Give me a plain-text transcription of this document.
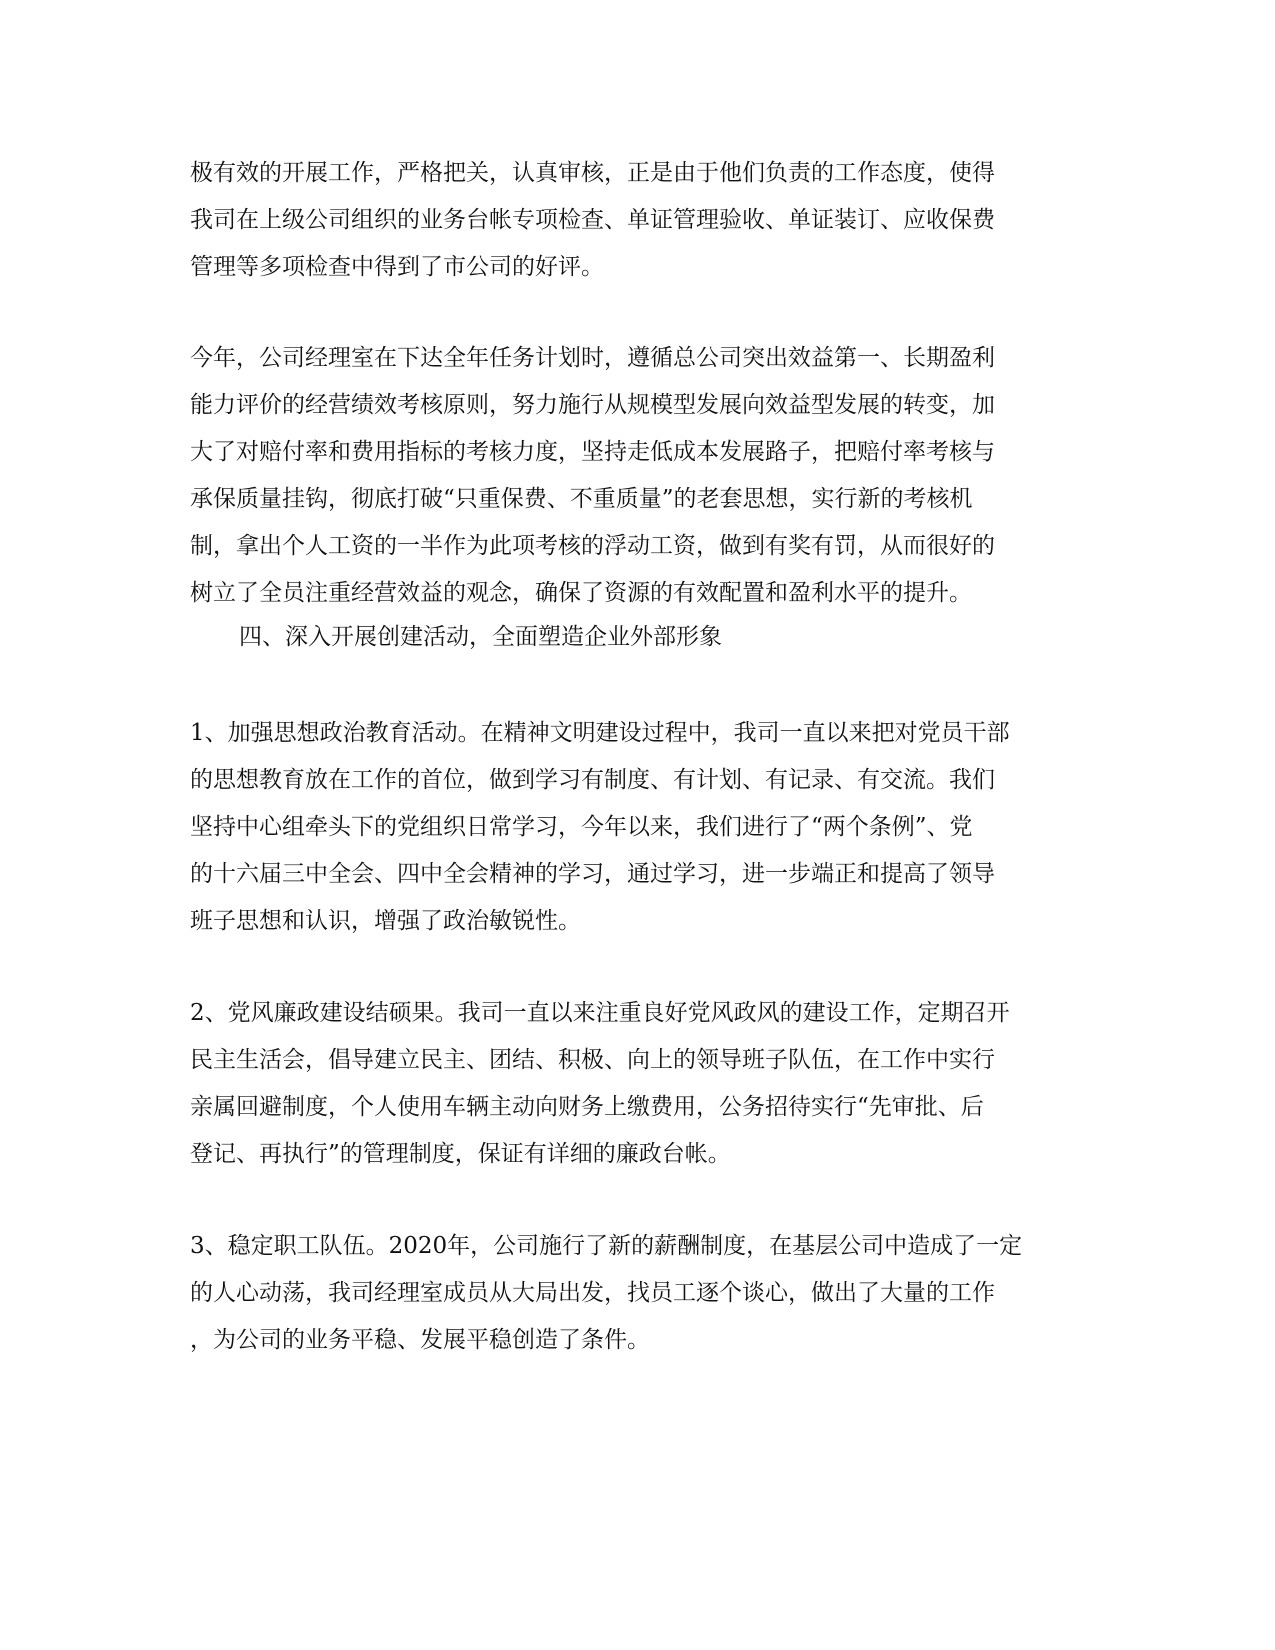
极有效的开展工作，严格把关，认真审核，正是由于他们负责的工作态度，使得

我司在上级公司组织的业务台帐专项检查、单证管理验收、单证装订、应收保费

管理等多项检查中得到了市公司的好评。

今年，公司经理室在下达全年任务计划时，遵循总公司突出效益第一、长期盈利

能力评价的经营绩效考核原则，努力施行从规模型发展向效益型发展的转变，加

大了对赔付率和费用指标的考核力度，坚持走低成本发展路子，把赔付率考核与

承保质量挂钩，彻底打破“只重保费、不重质量”的老套思想，实行新的考核机

制，拿出个人工资的一半作为此项考核的浮动工资，做到有奖有罚，从而很好的

树立了全员注重经营效益的观念，确保了资源的有效配置和盈利水平的提升。

四、深入开展创建活动，全面塑造企业外部形象

1、加强思想政治教育活动。在精神文明建设过程中，我司一直以来把对党员干部

的思想教育放在工作的首位，做到学习有制度、有计划、有记录、有交流。我们

坚持中心组牵头下的党组织日常学习，今年以来，我们进行了“两个条例”、党

的十六届三中全会、四中全会精神的学习，通过学习，进一步端正和提高了领导

班子思想和认识，增强了政治敏锐性。

2、党风廉政建设结硕果。我司一直以来注重良好党风政风的建设工作，定期召开

民主生活会，倡导建立民主、团结、积极、向上的领导班子队伍，在工作中实行

亲属回避制度，个人使用车辆主动向财务上缴费用，公务招待实行“先审批、后

登记、再执行”的管理制度，保证有详细的廉政台帐。

3、稳定职工队伍。2020年，公司施行了新的薪酬制度，在基层公司中造成了一定

的人心动荡，我司经理室成员从大局出发，找员工逐个谈心，做出了大量的工作

，为公司的业务平稳、发展平稳创造了条件。
